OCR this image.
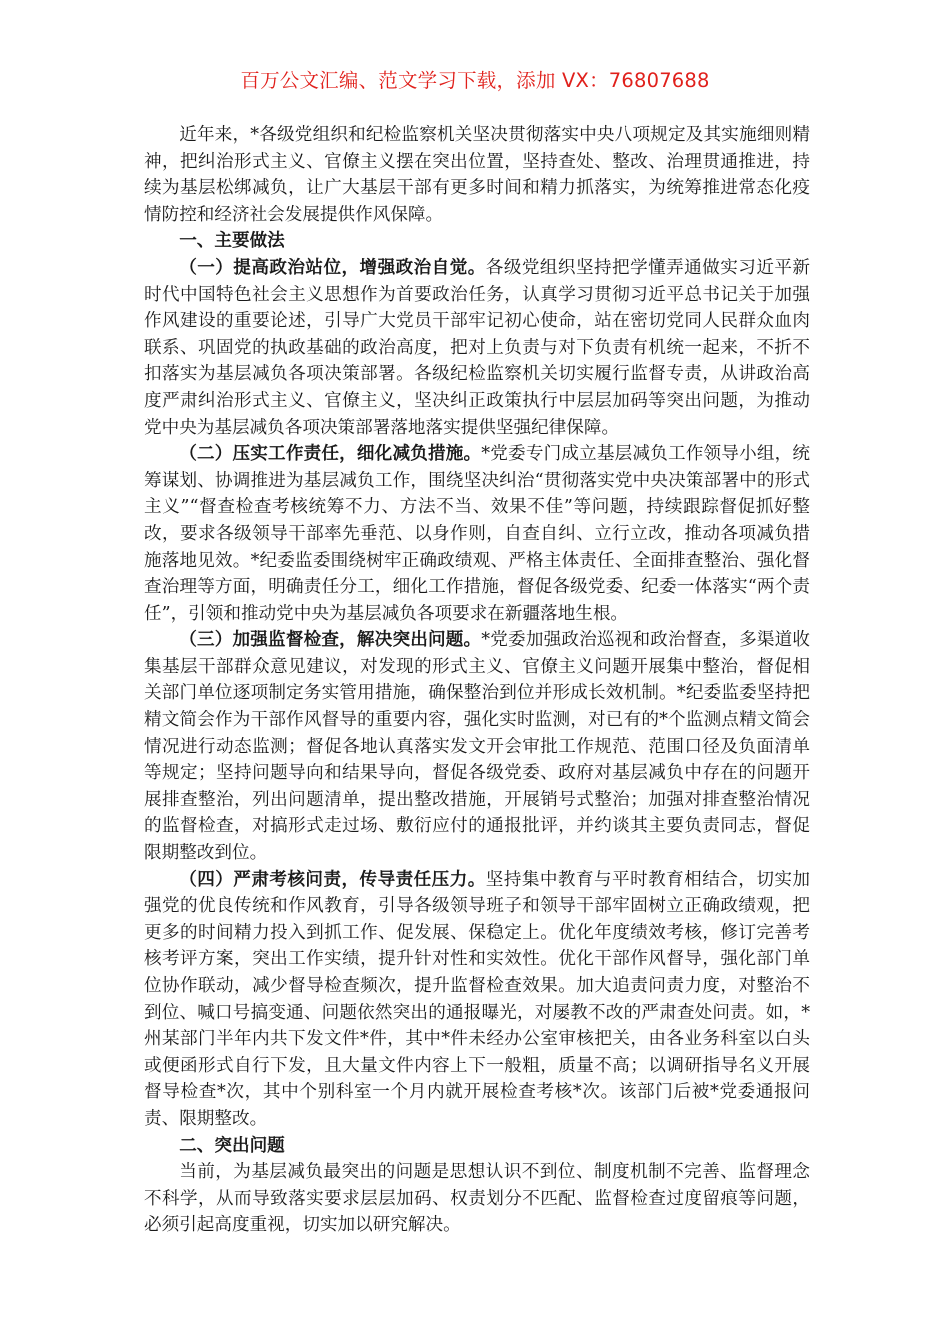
百万公文汇编、范文学习下载，添加 VX：76807688

近年来，*各级党组织和纪检监察机关坚决贯彻落实中央八项规定及其实施细则精神，把纠治形式主义、官僚主义摆在突出位置，坚持查处、整改、治理贯通推进，持续为基层松绑减负，让广大基层干部有更多时间和精力抓落实，为统筹推进常态化疫情防控和经济社会发展提供作风保障。

一、主要做法

（一）提高政治站位，增强政治自觉。各级党组织坚持把学懂弄通做实习近平新时代中国特色社会主义思想作为首要政治任务，认真学习贯彻习近平总书记关于加强作风建设的重要论述，引导广大党员干部牢记初心使命，站在密切党同人民群众血肉联系、巩固党的执政基础的政治高度，把对上负责与对下负责有机统一起来，不折不扣落实为基层减负各项决策部署。各级纪检监察机关切实履行监督专责，从讲政治高度严肃纠治形式主义、官僚主义，坚决纠正政策执行中层层加码等突出问题，为推动党中央为基层减负各项决策部署落地落实提供坚强纪律保障。

（二）压实工作责任，细化减负措施。*党委专门成立基层减负工作领导小组，统筹谋划、协调推进为基层减负工作，围绕坚决纠治“贯彻落实党中央决策部署中的形式主义”“督查检查考核统筹不力、方法不当、效果不佳”等问题，持续跟踪督促抓好整改，要求各级领导干部率先垂范、以身作则，自查自纠、立行立改，推动各项减负措施落地见效。*纪委监委围绕树牢正确政绩观、严格主体责任、全面排查整治、强化督查治理等方面，明确责任分工，细化工作措施，督促各级党委、纪委一体落实“两个责任”，引领和推动党中央为基层减负各项要求在新疆落地生根。

（三）加强监督检查，解决突出问题。*党委加强政治巡视和政治督查，多渠道收集基层干部群众意见建议，对发现的形式主义、官僚主义问题开展集中整治，督促相关部门单位逐项制定务实管用措施，确保整治到位并形成长效机制。*纪委监委坚持把精文简会作为干部作风督导的重要内容，强化实时监测，对已有的*个监测点精文简会情况进行动态监测；督促各地认真落实发文开会审批工作规范、范围口径及负面清单等规定；坚持问题导向和结果导向，督促各级党委、政府对基层减负中存在的问题开展排查整治，列出问题清单，提出整改措施，开展销号式整治；加强对排查整治情况的监督检查，对搞形式走过场、敷衍应付的通报批评，并约谈其主要负责同志，督促限期整改到位。

（四）严肃考核问责，传导责任压力。坚持集中教育与平时教育相结合，切实加强党的优良传统和作风教育，引导各级领导班子和领导干部牢固树立正确政绩观，把更多的时间精力投入到抓工作、促发展、保稳定上。优化年度绩效考核，修订完善考核考评方案，突出工作实绩，提升针对性和实效性。优化干部作风督导，强化部门单位协作联动，减少督导检查频次，提升监督检查效果。加大追责问责力度，对整治不到位、喊口号搞变通、问题依然突出的通报曝光，对屡教不改的严肃查处问责。如，*州某部门半年内共下发文件*件，其中*件未经办公室审核把关，由各业务科室以白头或便函形式自行下发，且大量文件内容上下一般粗，质量不高；以调研指导名义开展督导检查*次，其中个别科室一个月内就开展检查考核*次。该部门后被*党委通报问责、限期整改。

二、突出问题

当前，为基层减负最突出的问题是思想认识不到位、制度机制不完善、监督理念不科学，从而导致落实要求层层加码、权责划分不匹配、监督检查过度留痕等问题，必须引起高度重视，切实加以研究解决。
